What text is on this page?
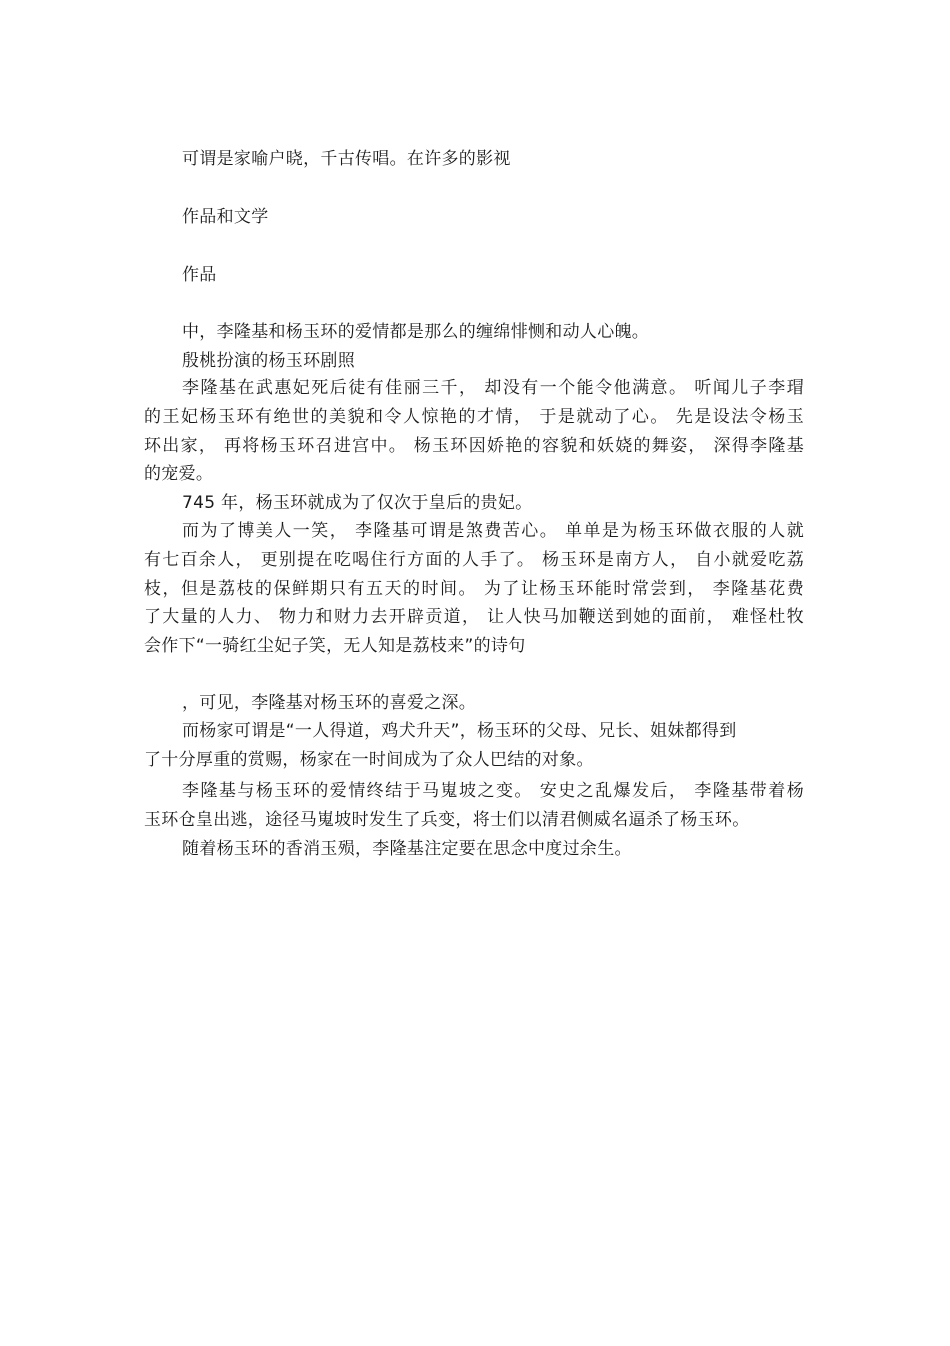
可谓是家喻户晓，千古传唱。在许多的影视
作品和文学
作品
中，李隆基和杨玉环的爱情都是那么的缠绵悱恻和动人心魄。
殷桃扮演的杨玉环剧照
李隆基在武惠妃死后徒有佳丽三千， 却没有一个能令他满意。 听闻儿子李瑁
的王妃杨玉环有绝世的美貌和令人惊艳的才情， 于是就动了心。 先是设法令杨玉
环出家， 再将杨玉环召进宫中。 杨玉环因娇艳的容貌和妖娆的舞姿， 深得李隆基
的宠爱。
745 年，杨玉环就成为了仅次于皇后的贵妃。
而为了博美人一笑， 李隆基可谓是煞费苦心。 单单是为杨玉环做衣服的人就
有七百余人， 更别提在吃喝住行方面的人手了。 杨玉环是南方人， 自小就爱吃荔
枝，但是荔枝的保鲜期只有五天的时间。 为了让杨玉环能时常尝到， 李隆基花费
了大量的人力、 物力和财力去开辟贡道， 让人快马加鞭送到她的面前， 难怪杜牧
会作下“一骑红尘妃子笑，无人知是荔枝来”的诗句
，可见，李隆基对杨玉环的喜爱之深。
而杨家可谓是“一人得道，鸡犬升天”，杨玉环的父母、兄长、姐妹都得到
了十分厚重的赏赐，杨家在一时间成为了众人巴结的对象。
李隆基与杨玉环的爱情终结于马嵬坡之变。 安史之乱爆发后， 李隆基带着杨
玉环仓皇出逃，途径马嵬坡时发生了兵变，将士们以清君侧威名逼杀了杨玉环。
随着杨玉环的香消玉殒，李隆基注定要在思念中度过余生。
